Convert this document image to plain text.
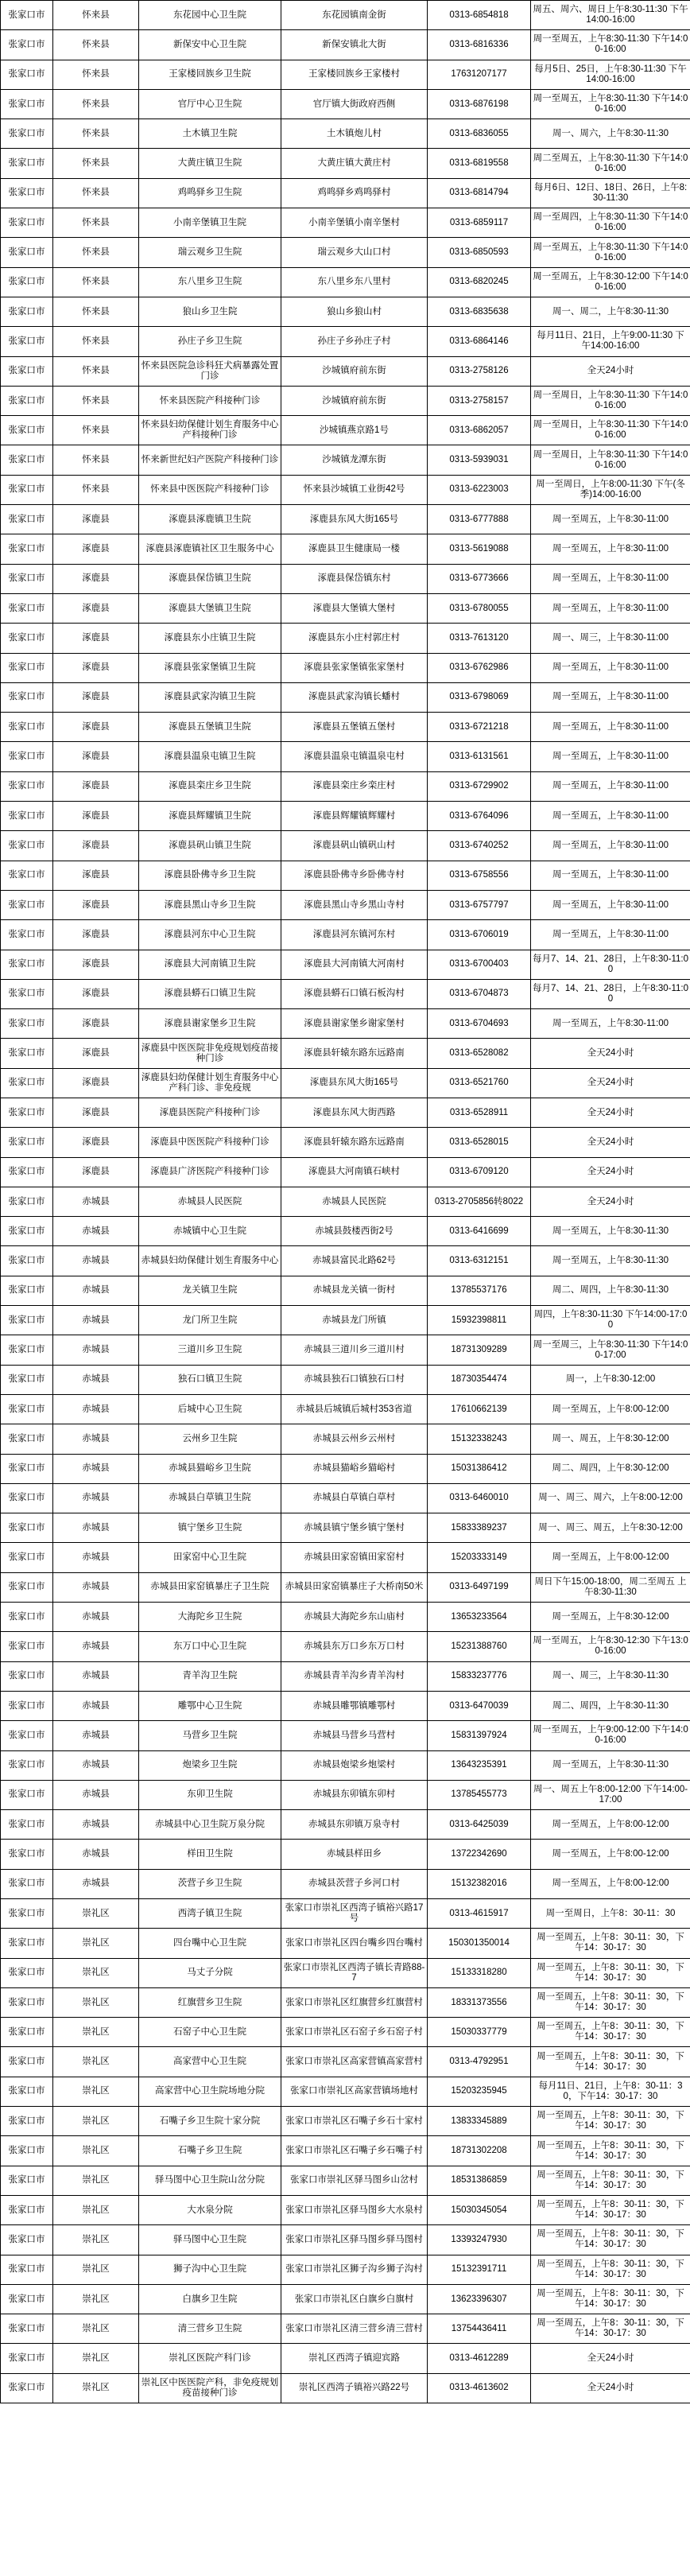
张家口市	怀来县	东花园中心卫生院	东花园镇南金街	0313-6854818	周五、周六、周日上午8:30-11:30 下午14:00-16:00
张家口市	怀来县	新保安中心卫生院	新保安镇北大街	0313-6816336	周一至周五，上午8:30-11:30 下午14:00-16:00
张家口市	怀来县	王家楼回族乡卫生院	王家楼回族乡王家楼村	17631207177	每月5日、25日，上午8:30-11:30 下午14:00-16:00
张家口市	怀来县	官厅中心卫生院	官厅镇大街政府西侧	0313-6876198	周一至周五，上午8:30-11:30 下午14:00-16:00
张家口市	怀来县	土木镇卫生院	土木镇炮儿村	0313-6836055	周一、周六，上午8:30-11:30
张家口市	怀来县	大黄庄镇卫生院	大黄庄镇大黄庄村	0313-6819558	周二至周五，上午8:30-11:30 下午14:00-16:00
张家口市	怀来县	鸡鸣驿乡卫生院	鸡鸣驿乡鸡鸣驿村	0313-6814794	每月6日、12日、18日、26日，上午8:30-11:30
张家口市	怀来县	小南辛堡镇卫生院	小南辛堡镇小南辛堡村	0313-6859117	周一至周四，上午8:30-11:30 下午14:00-16:00
张家口市	怀来县	瑞云观乡卫生院	瑞云观乡大山口村	0313-6850593	周一至周五，上午8:30-11:30 下午14:00-16:00
张家口市	怀来县	东八里乡卫生院	东八里乡东八里村	0313-6820245	周一至周五，上午8:30-12:00 下午14:00-16:00
张家口市	怀来县	狼山乡卫生院	狼山乡狼山村	0313-6835638	周一、周二，上午8:30-11:30
张家口市	怀来县	孙庄子乡卫生院	孙庄子乡孙庄子村	0313-6864146	每月11日、21日，上午9:00-11:30 下午14:00-16:00
张家口市	怀来县	怀来县医院急诊科狂犬病暴露处置门诊	沙城镇府前东街	0313-2758126	全天24小时
张家口市	怀来县	怀来县医院产科接种门诊	沙城镇府前东街	0313-2758157	周一至周日，上午8:30-11:30 下午14:00-16:00
张家口市	怀来县	怀来县妇幼保健计划生育服务中心产科接种门诊	沙城镇燕京路1号	0313-6862057	周一至周日，上午8:30-11:30 下午14:00-16:00
张家口市	怀来县	怀来新世纪妇产医院产科接种门诊	沙城镇龙潭东街	0313-5939031	周一至周日，上午8:30-11:30 下午14:00-16:00
张家口市	怀来县	怀来县中医医院产科接种门诊	怀来县沙城镇工业街42号	0313-6223003	周一至周日，上午8:00-11:30 下午(冬季)14:00-16:00
张家口市	涿鹿县	涿鹿县涿鹿镇卫生院	涿鹿县东风大街165号	0313-6777888	周一至周五，上午8:30-11:00
张家口市	涿鹿县	涿鹿县涿鹿镇社区卫生服务中心	涿鹿县卫生健康局一楼	0313-5619088	周一至周五，上午8:30-11:00
张家口市	涿鹿县	涿鹿县保岱镇卫生院	涿鹿县保岱镇东村	0313-6773666	周一至周五，上午8:30-11:00
张家口市	涿鹿县	涿鹿县大堡镇卫生院	涿鹿县大堡镇大堡村	0313-6780055	周一至周五，上午8:30-11:00
张家口市	涿鹿县	涿鹿县东小庄镇卫生院	涿鹿县东小庄村郭庄村	0313-7613120	周一、周三，上午8:30-11:00
张家口市	涿鹿县	涿鹿县张家堡镇卫生院	涿鹿县张家堡镇张家堡村	0313-6762986	周一至周五，上午8:30-11:00
张家口市	涿鹿县	涿鹿县武家沟镇卫生院	涿鹿县武家沟镇长蟠村	0313-6798069	周一至周五，上午8:30-11:00
张家口市	涿鹿县	涿鹿县五堡镇卫生院	涿鹿县五堡镇五堡村	0313-6721218	周一至周五，上午8:30-11:00
张家口市	涿鹿县	涿鹿县温泉屯镇卫生院	涿鹿县温泉屯镇温泉屯村	0313-6131561	周一至周五，上午8:30-11:00
张家口市	涿鹿县	涿鹿县栾庄乡卫生院	涿鹿县栾庄乡栾庄村	0313-6729902	周一至周五，上午8:30-11:00
张家口市	涿鹿县	涿鹿县辉耀镇卫生院	涿鹿县辉耀镇辉耀村	0313-6764096	周一至周五，上午8:30-11:00
张家口市	涿鹿县	涿鹿县矾山镇卫生院	涿鹿县矾山镇矾山村	0313-6740252	周一至周五，上午8:30-11:00
张家口市	涿鹿县	涿鹿县卧佛寺乡卫生院	涿鹿县卧佛寺乡卧佛寺村	0313-6758556	周一至周五，上午8:30-11:00
张家口市	涿鹿县	涿鹿县黑山寺乡卫生院	涿鹿县黑山寺乡黑山寺村	0313-6757797	周一至周五，上午8:30-11:00
张家口市	涿鹿县	涿鹿县河东中心卫生院	涿鹿县河东镇河东村	0313-6706019	周一至周五，上午8:30-11:00
张家口市	涿鹿县	涿鹿县大河南镇卫生院	涿鹿县大河南镇大河南村	0313-6700403	每月7、14、21、28日，上午8:30-11:00
张家口市	涿鹿县	涿鹿县蟒石口镇卫生院	涿鹿县蟒石口镇石板沟村	0313-6704873	每月7、14、21、28日，上午8:30-11:00
张家口市	涿鹿县	涿鹿县谢家堡乡卫生院	涿鹿县谢家堡乡谢家堡村	0313-6704693	周一至周五，上午8:30-11:00
张家口市	涿鹿县	涿鹿县中医医院非免疫规划疫苗接种门诊	涿鹿县轩辕东路东远路南	0313-6528082	全天24小时
张家口市	涿鹿县	涿鹿县妇幼保健计划生育服务中心产科门诊、非免疫规	涿鹿县东风大街165号	0313-6521760	全天24小时
张家口市	涿鹿县	涿鹿县医院产科接种门诊	涿鹿县东风大街西路	0313-6528911	全天24小时
张家口市	涿鹿县	涿鹿县中医医院产科接种门诊	涿鹿县轩辕东路东远路南	0313-6528015	全天24小时
张家口市	涿鹿县	涿鹿县广济医院产科接种门诊	涿鹿县大河南镇石峡村	0313-6709120	全天24小时
张家口市	赤城县	赤城县人民医院	赤城县人民医院	0313-2705856转8022	全天24小时
张家口市	赤城县	赤城镇中心卫生院	赤城县鼓楼西街2号	0313-6416699	周一至周五，上午8:30-11:30
张家口市	赤城县	赤城县妇幼保健计划生育服务中心	赤城县富民北路62号	0313-6312151	周一至周五，上午8:30-11:30
张家口市	赤城县	龙关镇卫生院	赤城县龙关镇一街村	13785537176	周二、周四，上午8:30-11:30
张家口市	赤城县	龙门所卫生院	赤城县龙门所镇	15932398811	周四，上午8:30-11:30 下午14:00-17:00
张家口市	赤城县	三道川乡卫生院	赤城县三道川乡三道川村	18731309289	周一至周三，上午8:30-11:30 下午14:00-17:00
张家口市	赤城县	独石口镇卫生院	赤城县独石口镇独石口村	18730354474	周一，上午8:30-12:00
张家口市	赤城县	后城中心卫生院	赤城县后城镇后城村353省道	17610662139	周一至周五，上午8:00-12:00
张家口市	赤城县	云州乡卫生院	赤城县云州乡云州村	15132338243	周一、周五，上午8:30-12:00
张家口市	赤城县	赤城县猫峪乡卫生院	赤城县猫峪乡猫峪村	15031386412	周二、周四，上午8:30-12:00
张家口市	赤城县	赤城县白草镇卫生院	赤城县白草镇白草村	0313-6460010	周一、周三、周六，上午8:00-12:00
张家口市	赤城县	镇宁堡乡卫生院	赤城县镇宁堡乡镇宁堡村	15833389237	周一、周三、周五，上午8:30-12:00
张家口市	赤城县	田家窑中心卫生院	赤城县田家窑镇田家窑村	15203333149	周一至周五，上午8:00-12:00
张家口市	赤城县	赤城县田家窑镇暴庄子卫生院	赤城县田家窑镇暴庄子大桥南50米	0313-6497199	周日下午15:00-18:00，周二至周五 上午8:30-11:30
张家口市	赤城县	大海陀乡卫生院	赤城县大海陀乡东山庙村	13653233564	周一至周五，上午8:30-12:00
张家口市	赤城县	东万口中心卫生院	赤城县东万口乡东万口村	15231388760	周一至周五，上午8:30-12:30 下午13:00-16:00
张家口市	赤城县	青羊沟卫生院	赤城县青羊沟乡青羊沟村	15833237776	周一、周三，上午8:30-11:30
张家口市	赤城县	雕鄂中心卫生院	赤城县雕鄂镇雕鄂村	0313-6470039	周二、周四，上午8:30-11:30
张家口市	赤城县	马营乡卫生院	赤城县马营乡马营村	15831397924	周一至周五，上午9:00-12:00 下午14:00-16:00
张家口市	赤城县	炮梁乡卫生院	赤城县炮梁乡炮梁村	13643235391	周一至周五，上午8:30-11:30
张家口市	赤城县	东卯卫生院	赤城县东卯镇东卯村	13785455773	周一、周五上午8:00-12:00 下午14:00-17:00
张家口市	赤城县	赤城县中心卫生院万泉分院	赤城县东卯镇万泉寺村	0313-6425039	周一至周五，上午8:00-12:00
张家口市	赤城县	样田卫生院	赤城县样田乡	13722342690	周一至周五，上午8:00-12:00
张家口市	赤城县	茨营子乡卫生院	赤城县茨营子乡河口村	15132382016	周一至周五，上午8:00-12:00
张家口市	崇礼区	西湾子镇卫生院	张家口市崇礼区西湾子镇裕兴路17号	0313-4615917	周一至周日，上午8：30-11：30
张家口市	崇礼区	四台嘴中心卫生院	张家口市崇礼区四台嘴乡四台嘴村	15030135001​4	周一至周五，上午8：30-11：30，下午14：30-17：30
张家口市	崇礼区	马丈子分院	张家口市崇礼区西湾子镇长青路88-7	15133318280	周一至周五，上午8：30-11：30，下午14：30-17：30
张家口市	崇礼区	红旗营乡卫生院	张家口市崇礼区红旗营乡红旗营村	18331373556	周一至周五，上午8：30-11：30，下午14：30-17：30
张家口市	崇礼区	石窑子中心卫生院	张家口市崇礼区石窑子乡石窑子村	15030337779	周一至周五，上午8：30-11：30，下午14：30-17：30
张家口市	崇礼区	高家营中心卫生院	张家口市崇礼区高家营镇高家营村	0313-4792951	周一至周五，上午8：30-11：30，下午14：30-17：30
张家口市	崇礼区	高家营中心卫生院场地分院	张家口市崇礼区高家营镇场地村	15203235945	每月11日、21日，上午8：30-11：30，下午14：30-17：30
张家口市	崇礼区	石嘴子乡卫生院十家分院	张家口市崇礼区石嘴子乡石十家村	13833345889	周一至周五，上午8：30-11：30，下午14：30-17：30
张家口市	崇礼区	石嘴子乡卫生院	张家口市崇礼区石嘴子乡石嘴子村	18731302208	周一至周五，上午8：30-11：30，下午14：30-17：30
张家口市	崇礼区	驿马图中心卫生院山岔分院	张家口市崇礼区驿马图乡山岔村	18531386859	周一至周五，上午8：30-11：30，下午14：30-17：30
张家口市	崇礼区	大水泉分院	张家口市崇礼区驿马图乡大水泉村	15030345054	周一至周五，上午8：30-11：30，下午14：30-17：30
张家口市	崇礼区	驿马图中心卫生院	张家口市崇礼区驿马图乡驿马图村	13393247930	周一至周五，上午8：30-11：30，下午14：30-17：30
张家口市	崇礼区	狮子沟中心卫生院	张家口市崇礼区狮子沟乡狮子沟村	15132391711	周一至周五，上午8：30-11：30，下午14：30-17：30
张家口市	崇礼区	白旗乡卫生院	张家口市崇礼区白旗乡白旗村	13623396307	周一至周五，上午8：30-11：30，下午14：30-17：30
张家口市	崇礼区	清三营乡卫生院	张家口市崇礼区清三营乡清三营村	13754436411	周一至周五，上午8：30-11：30，下午14：30-17：30
张家口市	崇礼区	崇礼区医院产科门诊	崇礼区西湾子镇迎宾路	0313-4612289	全天24小时
张家口市	崇礼区	崇礼区中医医院产科，非免疫规划疫苗接种门诊	崇礼区西湾子镇裕兴路22号	0313-4613602	全天24小时
